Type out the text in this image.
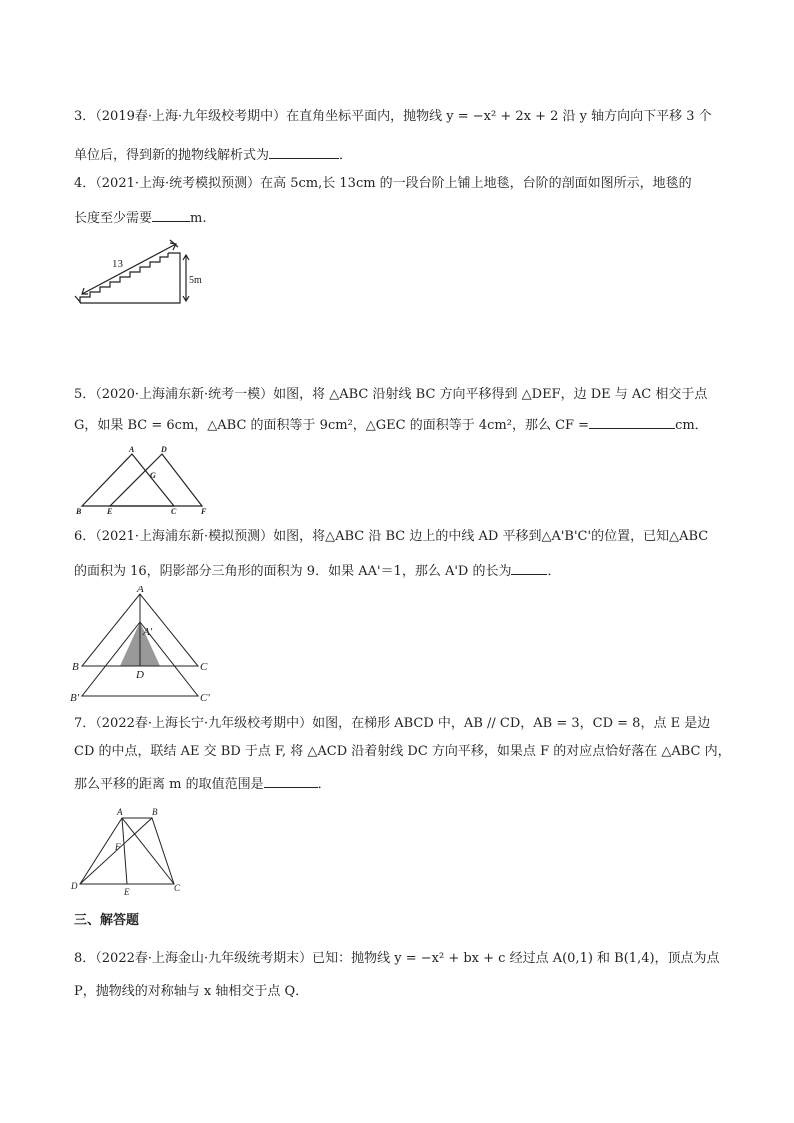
3．（2019春·上海·九年级校考期中）在直角坐标平面内，抛物线 y = −x² + 2x + 2 沿 y 轴方向向下平移 3 个
单位后，得到新的抛物线解析式为	．
4．（2021·上海·统考模拟预测）在高 5cm,长 13cm 的一段台阶上铺上地毯，台阶的剖面如图所示，地毯的
长度至少需要	m.
13
5m
5．（2020·上海浦东新·统考一模）如图，将 △ABC 沿射线 BC 方向平移得到 △DEF，边 DE 与 AC 相交于点
G，如果 BC = 6cm，△ABC 的面积等于 9cm²，△GEC 的面积等于 4cm²，那么 CF =	cm．
A	D
G
B	E	C	F
6．（2021·上海浦东新·模拟预测）如图，将△ABC 沿 BC 边上的中线 AD 平移到△A'B'C'的位置，已知△ABC
的面积为 16，阴影部分三角形的面积为 9．如果 AA'＝1，那么 A'D 的长为	．
A
A'
B	C
D
B'	C'
7．（2022春·上海长宁·九年级校考期中）如图，在梯形 ABCD 中，AB // CD，AB = 3，CD = 8，点 E 是边
CD 的中点，联结 AE 交 BD 于点 F, 将 △ACD 沿着射线 DC 方向平移，如果点 F 的对应点恰好落在 △ABC 内，
那么平移的距离 m 的取值范围是	．
A	B
F
D
E	C
三、解答题
8．（2022春·上海金山·九年级统考期末）已知：抛物线 y = −x² + bx + c 经过点 A(0,1) 和 B(1,4)，顶点为点
P，抛物线的对称轴与 x 轴相交于点 Q．
